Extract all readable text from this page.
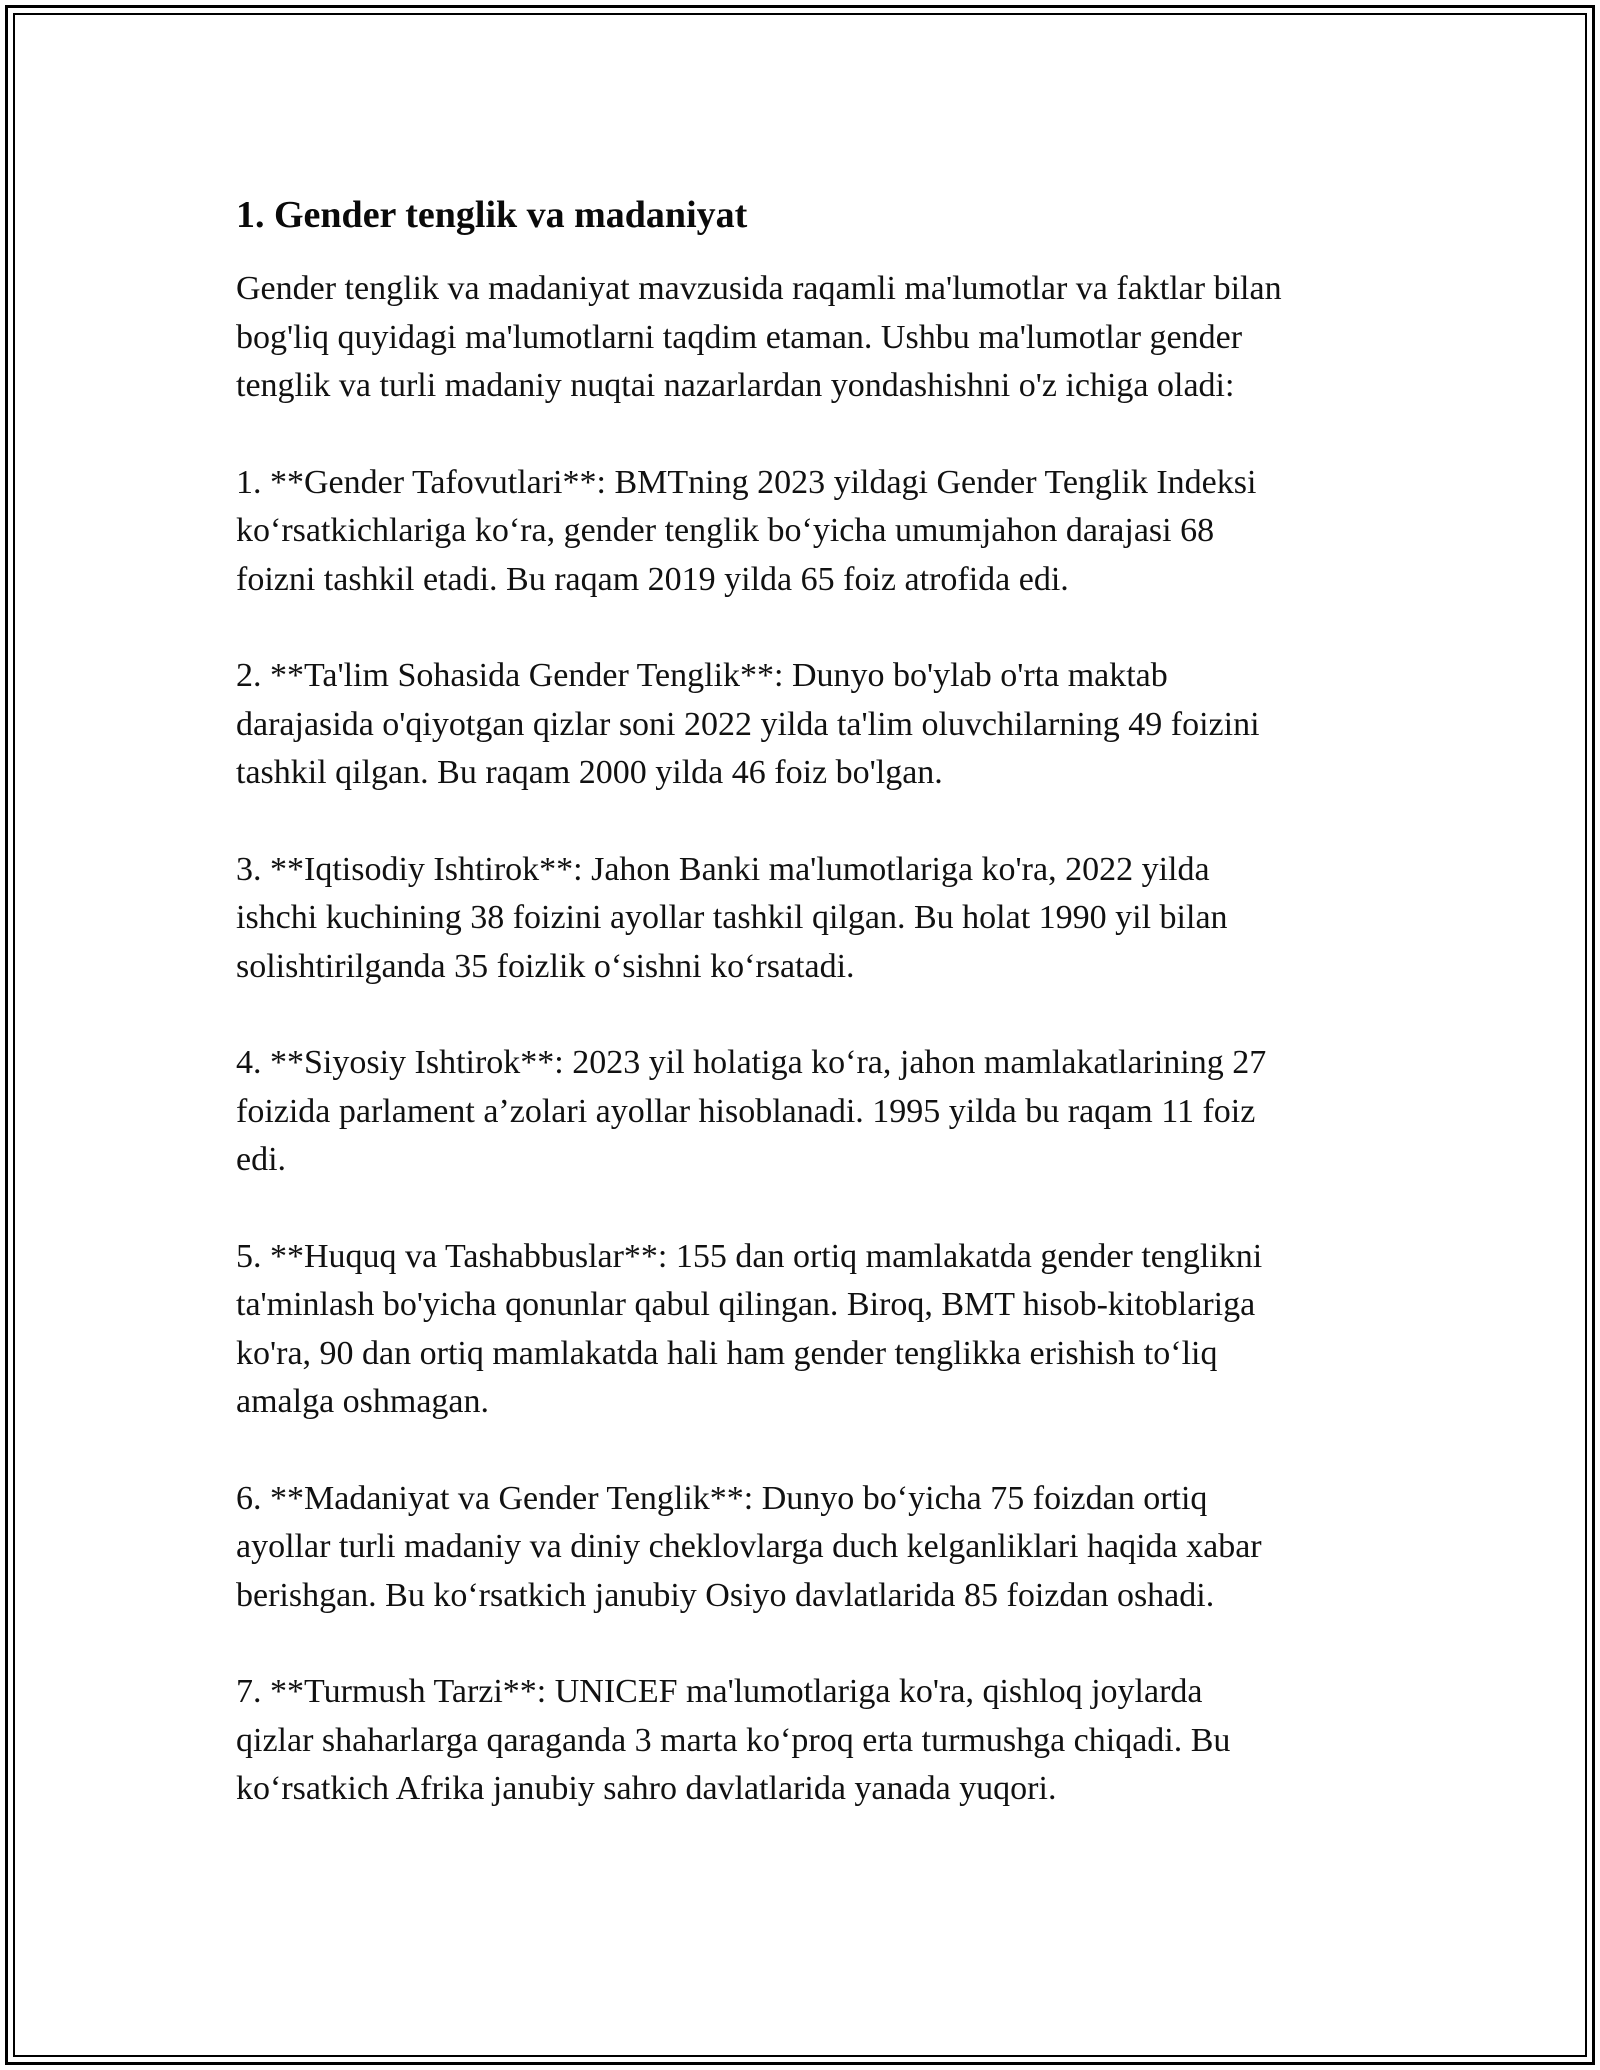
1. Gender tenglik va madaniyat

Gender tenglik va madaniyat mavzusida raqamli ma'lumotlar va faktlar bilan
bog'liq quyidagi ma'lumotlarni taqdim etaman. Ushbu ma'lumotlar gender
tenglik va turli madaniy nuqtai nazarlardan yondashishni o'z ichiga oladi:

1. **Gender Tafovutlari**: BMTning 2023 yildagi Gender Tenglik Indeksi
ko‘rsatkichlariga ko‘ra, gender tenglik bo‘yicha umumjahon darajasi 68
foizni tashkil etadi. Bu raqam 2019 yilda 65 foiz atrofida edi.

2. **Ta'lim Sohasida Gender Tenglik**: Dunyo bo'ylab o'rta maktab
darajasida o'qiyotgan qizlar soni 2022 yilda ta'lim oluvchilarning 49 foizini
tashkil qilgan. Bu raqam 2000 yilda 46 foiz bo'lgan.

3. **Iqtisodiy Ishtirok**: Jahon Banki ma'lumotlariga ko'ra, 2022 yilda
ishchi kuchining 38 foizini ayollar tashkil qilgan. Bu holat 1990 yil bilan
solishtirilganda 35 foizlik o‘sishni ko‘rsatadi.

4. **Siyosiy Ishtirok**: 2023 yil holatiga ko‘ra, jahon mamlakatlarining 27
foizida parlament a’zolari ayollar hisoblanadi. 1995 yilda bu raqam 11 foiz
edi.

5. **Huquq va Tashabbuslar**: 155 dan ortiq mamlakatda gender tenglikni
ta'minlash bo'yicha qonunlar qabul qilingan. Biroq, BMT hisob-kitoblariga
ko'ra, 90 dan ortiq mamlakatda hali ham gender tenglikka erishish to‘liq
amalga oshmagan.

6. **Madaniyat va Gender Tenglik**: Dunyo bo‘yicha 75 foizdan ortiq
ayollar turli madaniy va diniy cheklovlarga duch kelganliklari haqida xabar
berishgan. Bu ko‘rsatkich janubiy Osiyo davlatlarida 85 foizdan oshadi.

7. **Turmush Tarzi**: UNICEF ma'lumotlariga ko'ra, qishloq joylarda
qizlar shaharlarga qaraganda 3 marta ko‘proq erta turmushga chiqadi. Bu
ko‘rsatkich Afrika janubiy sahro davlatlarida yanada yuqori.
